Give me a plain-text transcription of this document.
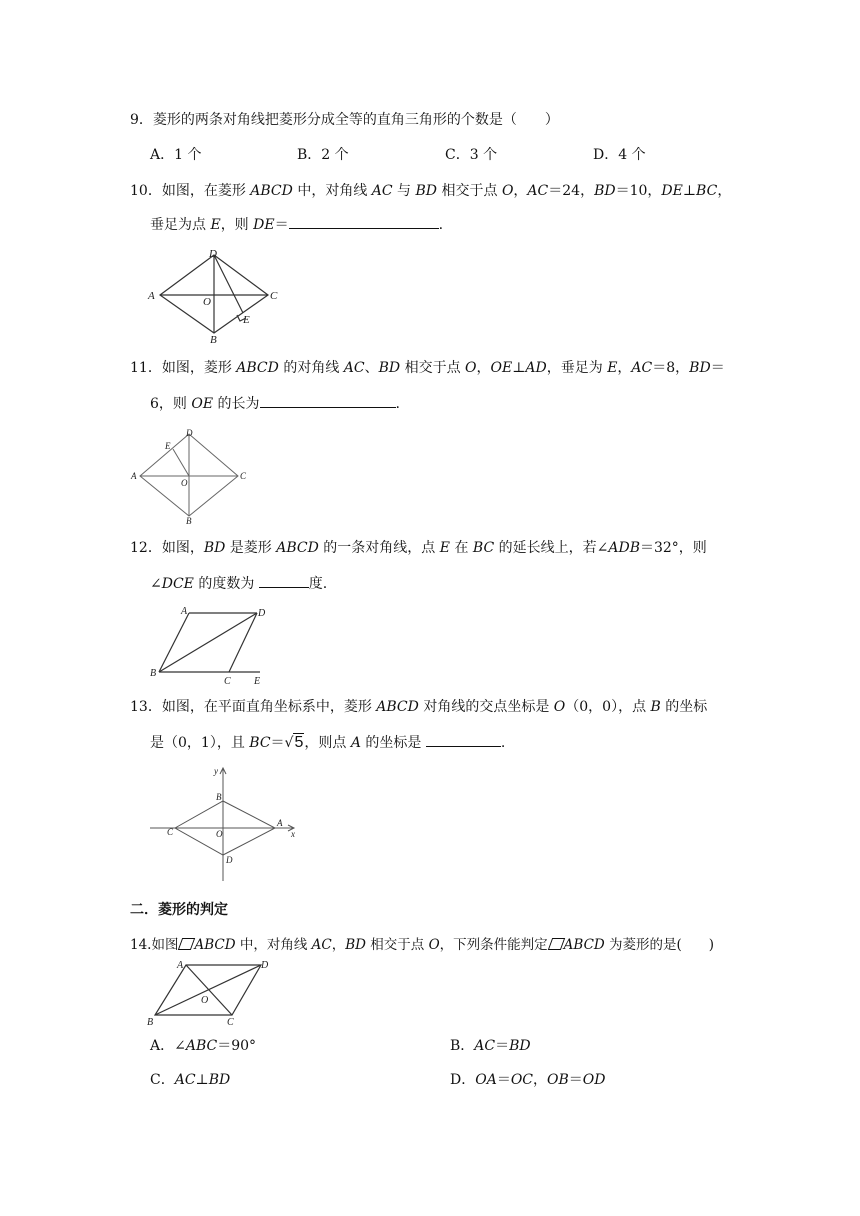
9．菱形的两条对角线把菱形分成全等的直角三角形的个数是（　　）
A．1 个	B．2 个	C．3 个	D．4 个
10．如图，在菱形 ABCD 中，对角线 AC 与 BD 相交于点 O，AC＝24，BD＝10，DE⊥BC，
垂足为点 E，则 DE＝	.
A
D
C
B
O
E
11．如图，菱形 ABCD 的对角线 AC、BD 相交于点 O，OE⊥AD，垂足为 E，AC＝8，BD＝
6，则 OE 的长为	.
A
D
C
B
O
E
12．如图，BD 是菱形 ABCD 的一条对角线，点 E 在 BC 的延长线上，若∠ADB＝32°，则
∠DCE 的度数为	度.
A	D
B
C E
13．如图，在平面直角坐标系中，菱形 ABCD 对角线的交点坐标是 O（0，0），点 B 的坐标
是（0，1），且 BC＝√5，则点 A 的坐标是	.
y
x
B
C
A
O
D
二．菱形的判定
14.如图 ABCD 中，对角线 AC，BD 相交于点 O，下列条件能判定 ABCD 为菱形的是(　　)
A	D
B	C
O
A．∠ABC＝90°	B．AC＝BD
C．AC⊥BD	D．OA＝OC，OB＝OD
